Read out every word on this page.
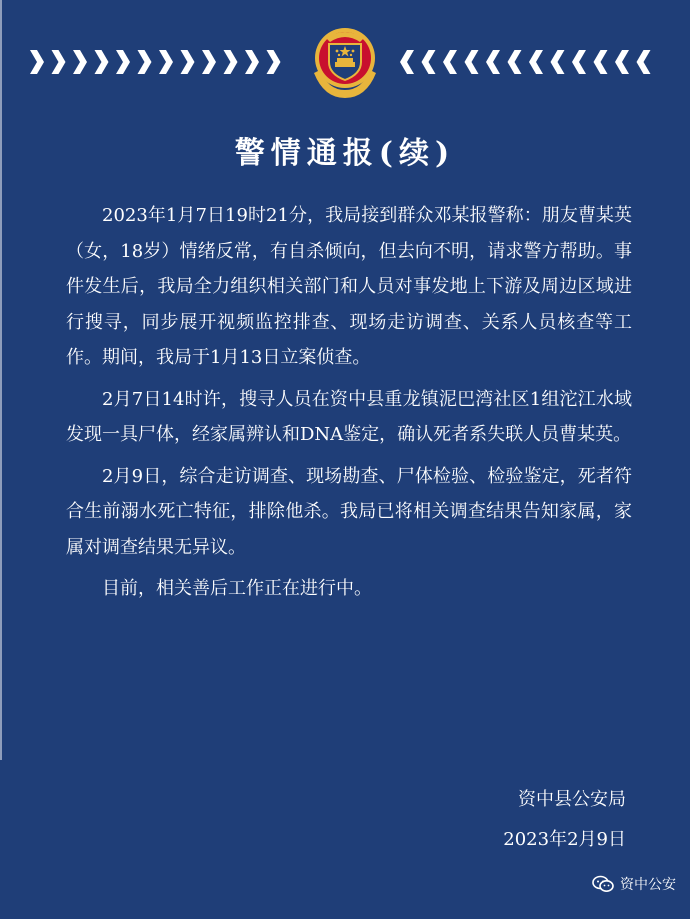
警情通报(续)

2023年1月7日19时21分，我局接到群众邓某报警称：朋友曹某英（女，18岁）情绪反常，有自杀倾向，但去向不明，请求警方帮助。事件发生后，我局全力组织相关部门和人员对事发地上下游及周边区域进行搜寻，同步展开视频监控排查、现场走访调查、关系人员核查等工作。期间，我局于1月13日立案侦查。

2月7日14时许，搜寻人员在资中县重龙镇泥巴湾社区1组沱江水域发现一具尸体，经家属辨认和DNA鉴定，确认死者系失联人员曹某英。

2月9日，综合走访调查、现场勘查、尸体检验、检验鉴定，死者符合生前溺水死亡特征，排除他杀。我局已将相关调查结果告知家属，家属对调查结果无异议。

目前，相关善后工作正在进行中。

资中县公安局
2023年2月9日
资中公安
